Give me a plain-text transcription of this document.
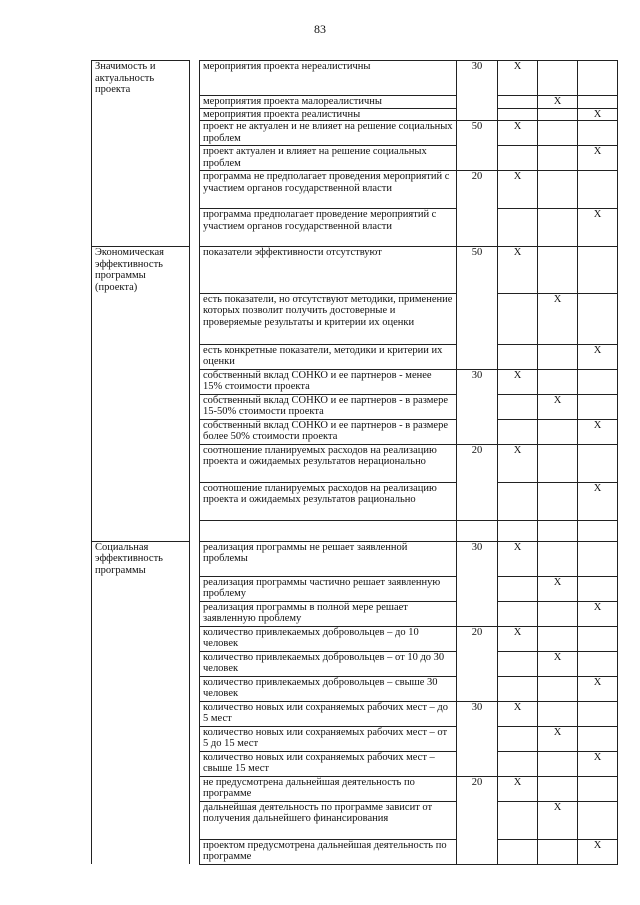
83
Значимость и актуальность проекта		мероприятия проекта нереалистичны	30	X		
		мероприятия проекта малореалистичны			X	
		мероприятия проекта реалистичны				X
		проект не актуален и не влияет на решение социальных проблем	50	X		
		проект актуален и влияет на решение социальных проблем				X
		программа не предполагает проведения мероприятий с участием органов государственной власти	20	X		
		программа предполагает проведение мероприятий с участием органов государственной власти				X
Экономическая эффективность программы (проекта)		показатели эффективности отсутствуют	50	X		
		есть показатели, но отсутствуют методики, применение которых позволит получить достоверные и проверяемые результаты и критерии их оценки			X	
		есть конкретные показатели, методики и критерии их оценки				X
		собственный вклад СОНКО и ее партнеров - менее 15% стоимости проекта	30	X		
		собственный вклад СОНКО и ее партнеров - в размере 15-50% стоимости проекта			X	
		собственный вклад СОНКО и ее партнеров - в размере более 50% стоимости проекта				X
		соотношение планируемых расходов на реализацию проекта и ожидаемых результатов нерационально	20	X		
		соотношение планируемых расходов на реализацию проекта и ожидаемых результатов рационально				X

Социальная эффективность программы		реализация программы не решает заявленной проблемы	30	X		
		реализация программы частично решает заявленную проблему			X	
		реализация программы в полной мере решает заявленную проблему				X
		количество привлекаемых добровольцев – до 10 человек	20	X		
		количество привлекаемых добровольцев – от 10 до 30 человек			X	
		количество привлекаемых добровольцев – свыше 30 человек				X
		количество новых или сохраняемых рабочих мест – до 5 мест	30	X		
		количество новых или сохраняемых рабочих мест – от 5 до 15 мест			X	
		количество новых или сохраняемых рабочих мест – свыше 15 мест				X
		не предусмотрена дальнейшая деятельность по программе	20	X		
		дальнейшая деятельность по программе зависит от получения дальнейшего финансирования			X	
		проектом предусмотрена дальнейшая деятельность по программе				X
